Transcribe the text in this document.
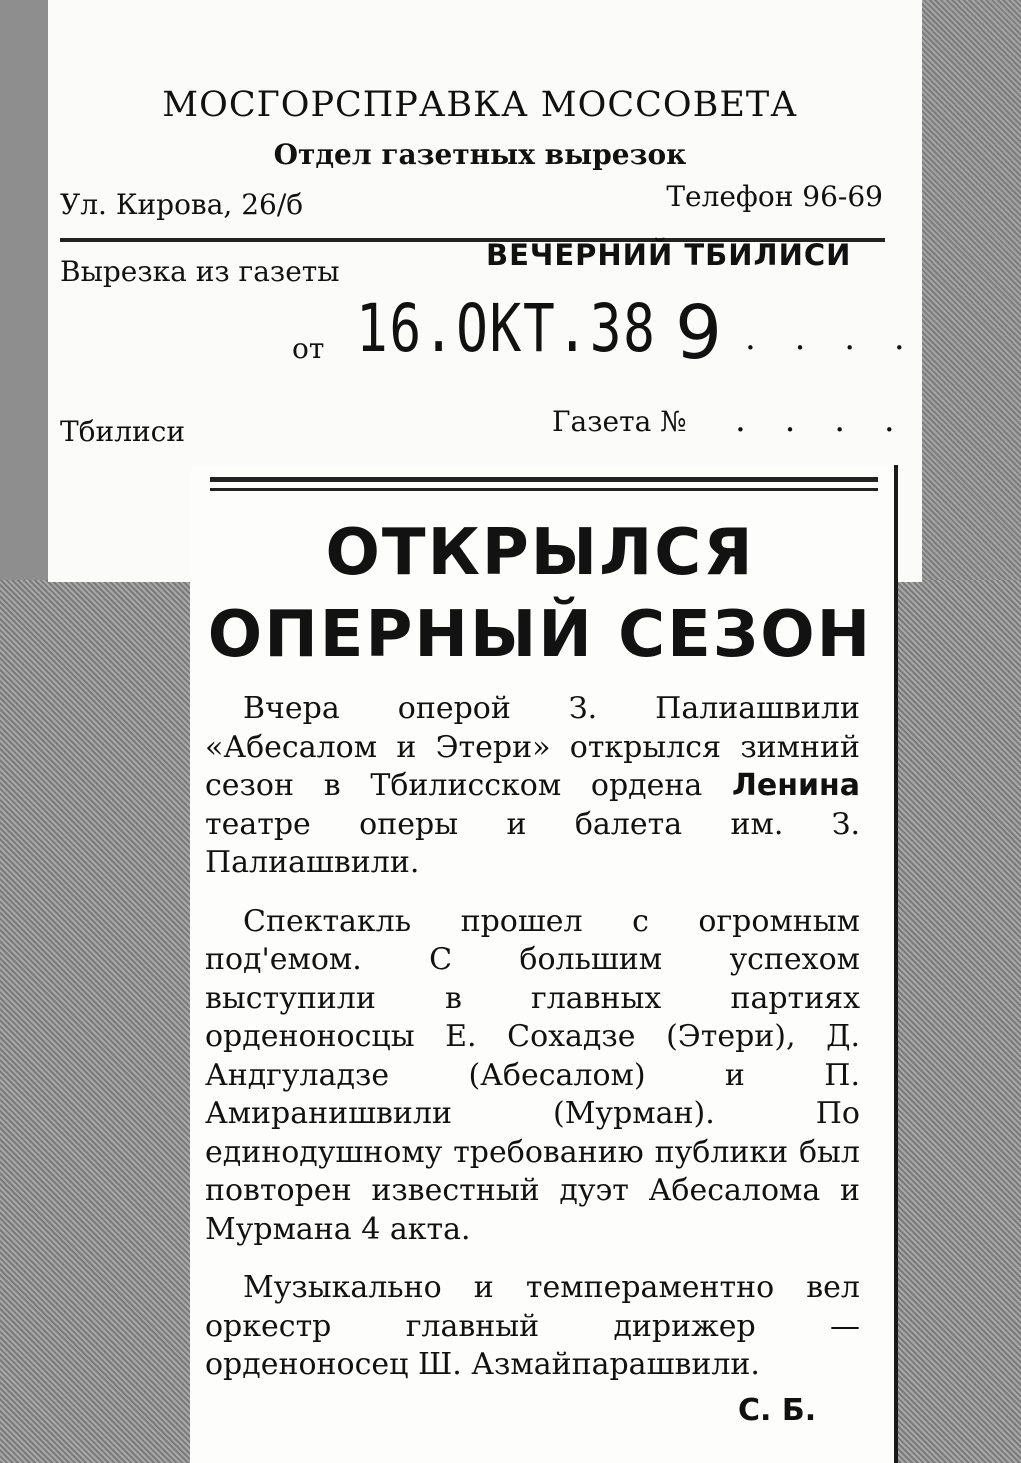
МОСГОРСПРАВКА МОССОВЕТА
Отдел газетных вырезок
Ул. Кирова, 26/б	Телефон 96-69
Вырезка из газеты	ВЕЧЕРНИЙ ТБИЛИСИ
от 16.ОКТ.38 9 . . . .
Тбилиси	Газета № . . . .
ОТКРЫЛСЯ
ОПЕРНЫЙ СЕЗОН

Вчера оперой З. Палиашвили «Абесалом и Этери» открылся зимний сезон в Тбилисском ордена Ленина театре оперы и балета им. З. Палиашвили.

Спектакль прошел с огромным под'емом. С большим успехом выступили в главных партиях орденоносцы Е. Сохадзе (Этери), Д. Андгуладзе (Абесалом) и П. Амиранишвили (Мурман). По единодушному требованию публики был повторен известный дуэт Абесалома и Мурмана 4 акта.

Музыкально и темпераментно вел оркестр главный дирижер — орденоносец Ш. Азмайпарашвили.

С. Б.
